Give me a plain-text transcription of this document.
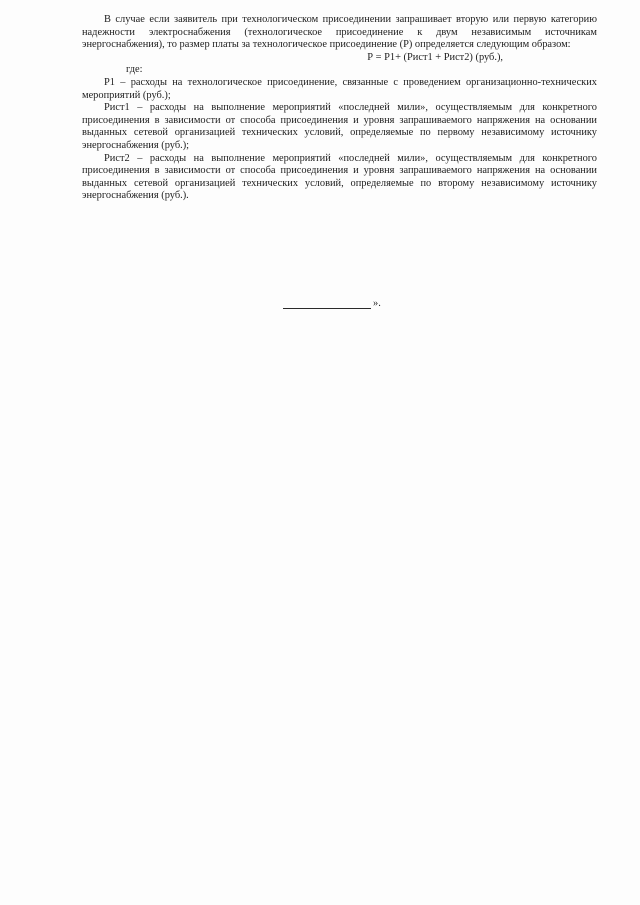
В случае если заявитель при технологическом присоединении запрашивает вторую или первую категорию надежности электроснабжения (технологическое присоединение к двум независимым источникам энергоснабжения), то размер платы за технологическое присоединение (Р) определяется следующим образом:

Р = Р1+ (Рист1 + Рист2) (руб.),

где:

Р1 – расходы на технологическое присоединение, связанные с проведением организационно-технических мероприятий (руб.);

Рист1 – расходы на выполнение мероприятий «последней мили», осуществляемым для конкретного присоединения в зависимости от способа присоединения и уровня запрашиваемого напряжения на основании выданных сетевой организацией технических условий, определяемые по первому независимому источнику энергоснабжения (руб.);

Рист2 – расходы на выполнение мероприятий «последней мили», осуществляемым для конкретного присоединения в зависимости от способа присоединения и уровня запрашиваемого напряжения на основании выданных сетевой организацией технических условий, определяемые по второму независимому источнику энергоснабжения (руб.).

».
